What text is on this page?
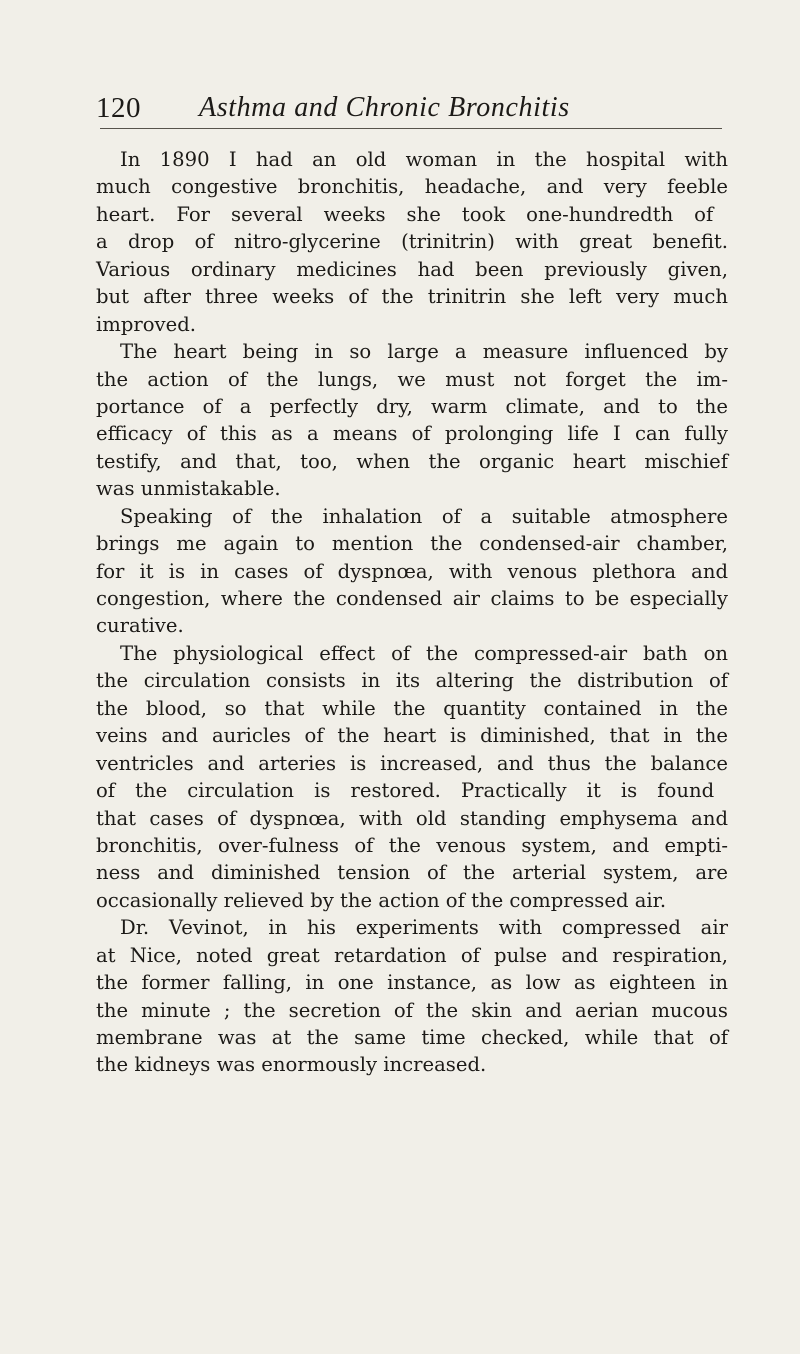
120 Asthma and Chronic Bronchitis
In 1890 I had an old woman in the hospital with
much congestive bronchitis, headache, and very feeble
heart. For several weeks she took one-hundredth of
a drop of nitro-glycerine (trinitrin) with great benefit.
Various ordinary medicines had been previously given,
but after three weeks of the trinitrin she left very much
improved.
The heart being in so large a measure influenced by
the action of the lungs, we must not forget the im-
portance of a perfectly dry, warm climate, and to the
efficacy of this as a means of prolonging life I can fully
testify, and that, too, when the organic heart mischief
was unmistakable.
Speaking of the inhalation of a suitable atmosphere
brings me again to mention the condensed-air chamber,
for it is in cases of dyspnœa, with venous plethora and
congestion, where the condensed air claims to be especially
curative.
The physiological effect of the compressed-air bath on
the circulation consists in its altering the distribution of
the blood, so that while the quantity contained in the
veins and auricles of the heart is diminished, that in the
ventricles and arteries is increased, and thus the balance
of the circulation is restored. Practically it is found
that cases of dyspnœa, with old standing emphysema and
bronchitis, over-fulness of the venous system, and empti-
ness and diminished tension of the arterial system, are
occasionally relieved by the action of the compressed air.
Dr. Vevinot, in his experiments with compressed air
at Nice, noted great retardation of pulse and respiration,
the former falling, in one instance, as low as eighteen in
the minute ; the secretion of the skin and aerian mucous
membrane was at the same time checked, while that of
the kidneys was enormously increased.
